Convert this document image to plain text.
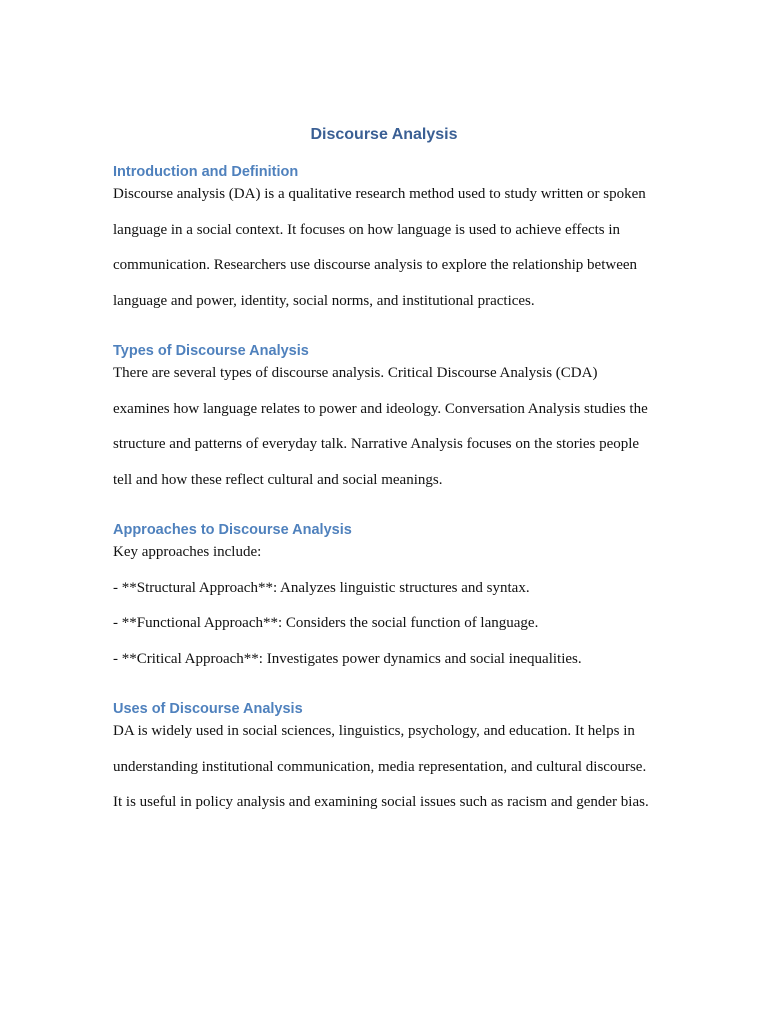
Discourse Analysis
Introduction and Definition
Discourse analysis (DA) is a qualitative research method used to study written or spoken
language in a social context. It focuses on how language is used to achieve effects in
communication. Researchers use discourse analysis to explore the relationship between
language and power, identity, social norms, and institutional practices.
Types of Discourse Analysis
There are several types of discourse analysis. Critical Discourse Analysis (CDA)
examines how language relates to power and ideology. Conversation Analysis studies the
structure and patterns of everyday talk. Narrative Analysis focuses on the stories people
tell and how these reflect cultural and social meanings.
Approaches to Discourse Analysis
Key approaches include:
- **Structural Approach**: Analyzes linguistic structures and syntax.
- **Functional Approach**: Considers the social function of language.
- **Critical Approach**: Investigates power dynamics and social inequalities.
Uses of Discourse Analysis
DA is widely used in social sciences, linguistics, psychology, and education. It helps in
understanding institutional communication, media representation, and cultural discourse.
It is useful in policy analysis and examining social issues such as racism and gender bias.
